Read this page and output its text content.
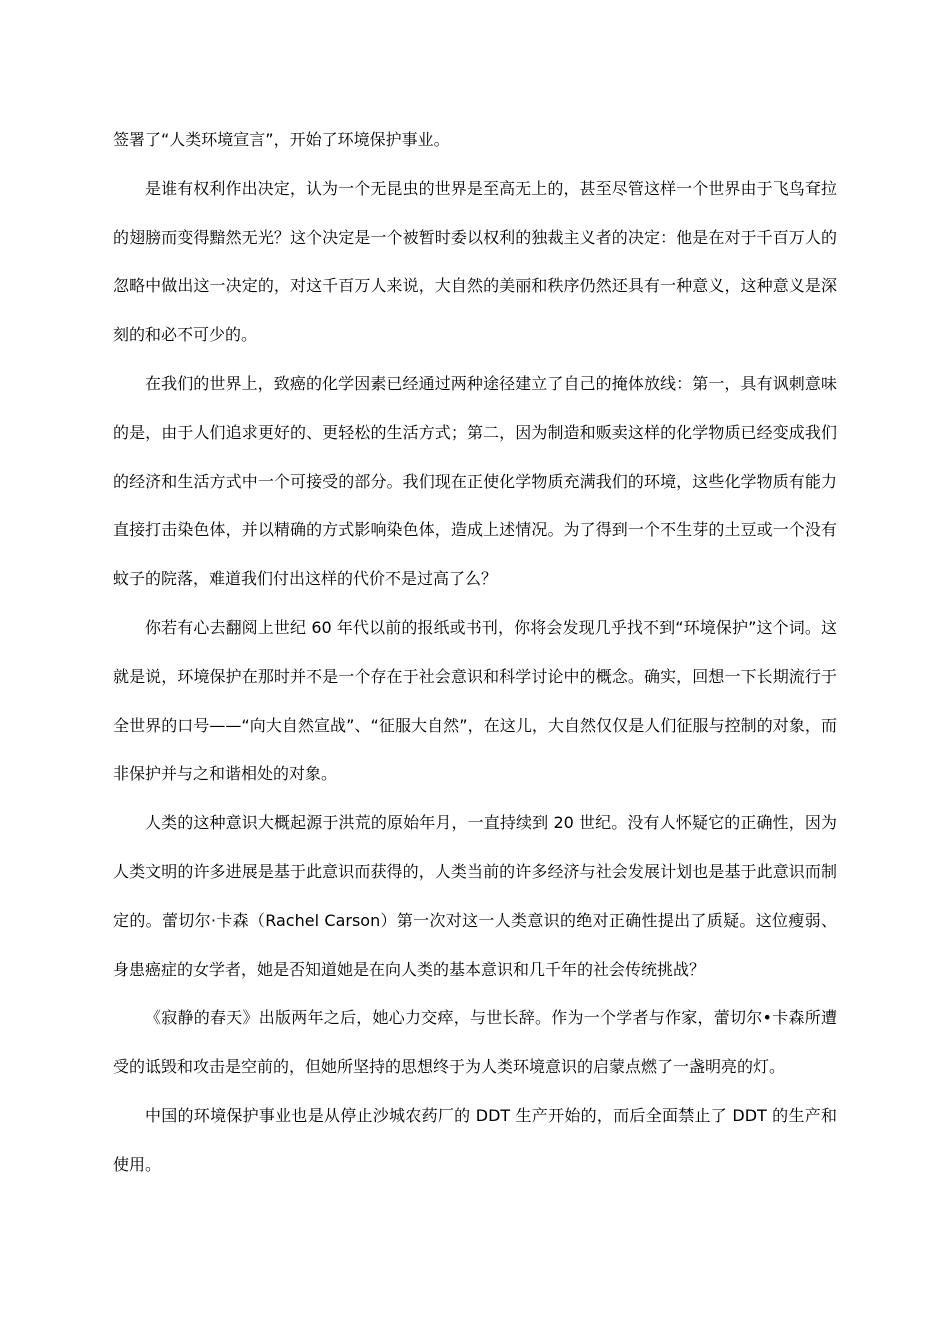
签署了“人类环境宣言”，开始了环境保护事业。

是谁有权利作出决定，认为一个无昆虫的世界是至高无上的，甚至尽管这样一个世界由于飞鸟耷拉的翅膀而变得黯然无光？这个决定是一个被暂时委以权利的独裁主义者的决定：他是在对于千百万人的忽略中做出这一决定的，对这千百万人来说，大自然的美丽和秩序仍然还具有一种意义，这种意义是深刻的和必不可少的。

在我们的世界上，致癌的化学因素已经通过两种途径建立了自己的掩体放线：第一，具有讽刺意味的是，由于人们追求更好的、更轻松的生活方式；第二，因为制造和贩卖这样的化学物质已经变成我们的经济和生活方式中一个可接受的部分。我们现在正使化学物质充满我们的环境，这些化学物质有能力直接打击染色体，并以精确的方式影响染色体，造成上述情况。为了得到一个不生芽的土豆或一个没有蚊子的院落，难道我们付出这样的代价不是过高了么？

你若有心去翻阅上世纪 60 年代以前的报纸或书刊，你将会发现几乎找不到“环境保护”这个词。这就是说，环境保护在那时并不是一个存在于社会意识和科学讨论中的概念。确实，回想一下长期流行于全世界的口号——“向大自然宣战”、“征服大自然”，在这儿，大自然仅仅是人们征服与控制的对象，而非保护并与之和谐相处的对象。

人类的这种意识大概起源于洪荒的原始年月，一直持续到 20 世纪。没有人怀疑它的正确性，因为人类文明的许多进展是基于此意识而获得的，人类当前的许多经济与社会发展计划也是基于此意识而制定的。蕾切尔·卡森（Rachel Carson）第一次对这一人类意识的绝对正确性提出了质疑。这位瘦弱、身患癌症的女学者，她是否知道她是在向人类的基本意识和几千年的社会传统挑战？

《寂静的春天》出版两年之后，她心力交瘁，与世长辞。作为一个学者与作家，蕾切尔•卡森所遭受的诋毁和攻击是空前的，但她所坚持的思想终于为人类环境意识的启蒙点燃了一盏明亮的灯。

中国的环境保护事业也是从停止沙城农药厂的 DDT 生产开始的，而后全面禁止了 DDT 的生产和使用。
